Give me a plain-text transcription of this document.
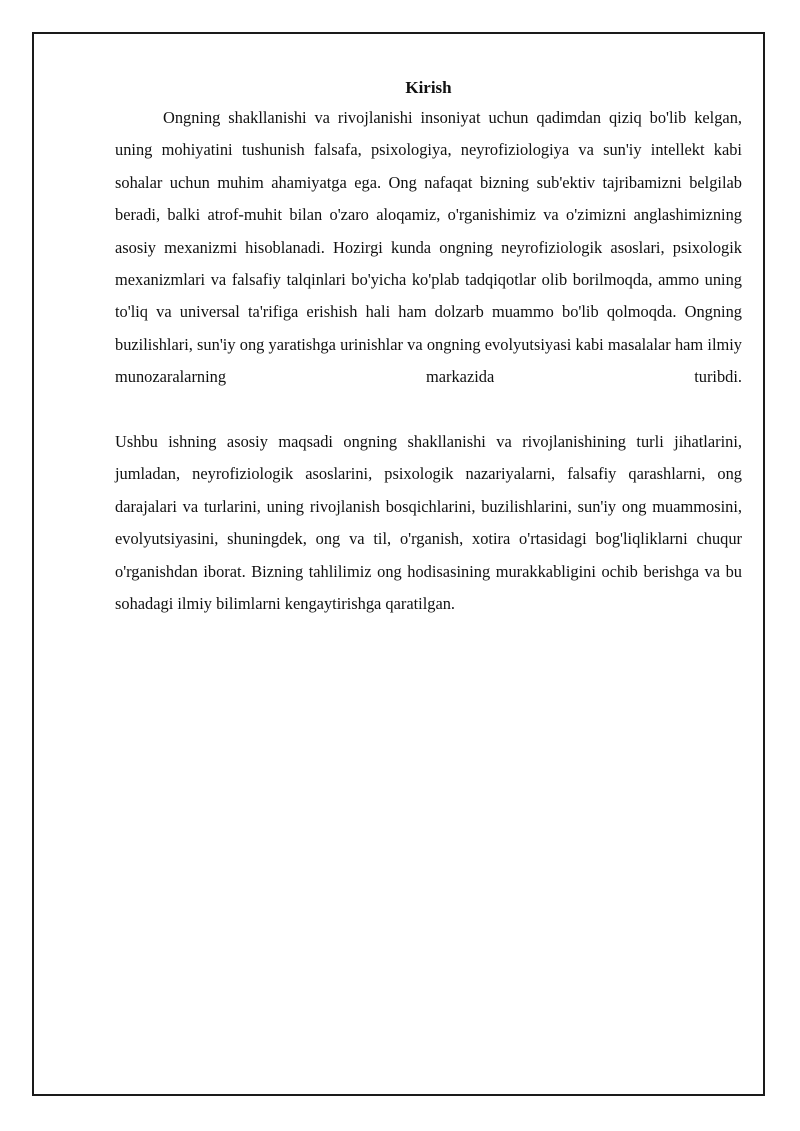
Kirish

Ongning shakllanishi va rivojlanishi insoniyat uchun qadimdan qiziq bo'lib kelgan, uning mohiyatini tushunish falsafa, psixologiya, neyrofiziologiya va sun'iy intellekt kabi sohalar uchun muhim ahamiyatga ega. Ong nafaqat bizning sub'ektiv tajribamizni belgilab beradi, balki atrof-muhit bilan o'zaro aloqamiz, o'rganishimiz va o'zimizni anglashimizning asosiy mexanizmi hisoblanadi. Hozirgi kunda ongning neyrofiziologik asoslari, psixologik mexanizmlari va falsafiy talqinlari bo'yicha ko'plab tadqiqotlar olib borilmoqda, ammo uning to'liq va universal ta'rifiga erishish hali ham dolzarb muammo bo'lib qolmoqda. Ongning buzilishlari, sun'iy ong yaratishga urinishlar va ongning evolyutsiyasi kabi masalalar ham ilmiy munozaralarning markazida turibdi.

Ushbu ishning asosiy maqsadi ongning shakllanishi va rivojlanishining turli jihatlarini, jumladan, neyrofiziologik asoslarini, psixologik nazariyalarni, falsafiy qarashlarni, ong darajalari va turlarini, uning rivojlanish bosqichlarini, buzilishlarini, sun'iy ong muammosini, evolyutsiyasini, shuningdek, ong va til, o'rganish, xotira o'rtasidagi bog'liqliklarni chuqur o'rganishdan iborat. Bizning tahlilimiz ong hodisasining murakkabligini ochib berishga va bu sohadagi ilmiy bilimlarni kengaytirishga qaratilgan.
